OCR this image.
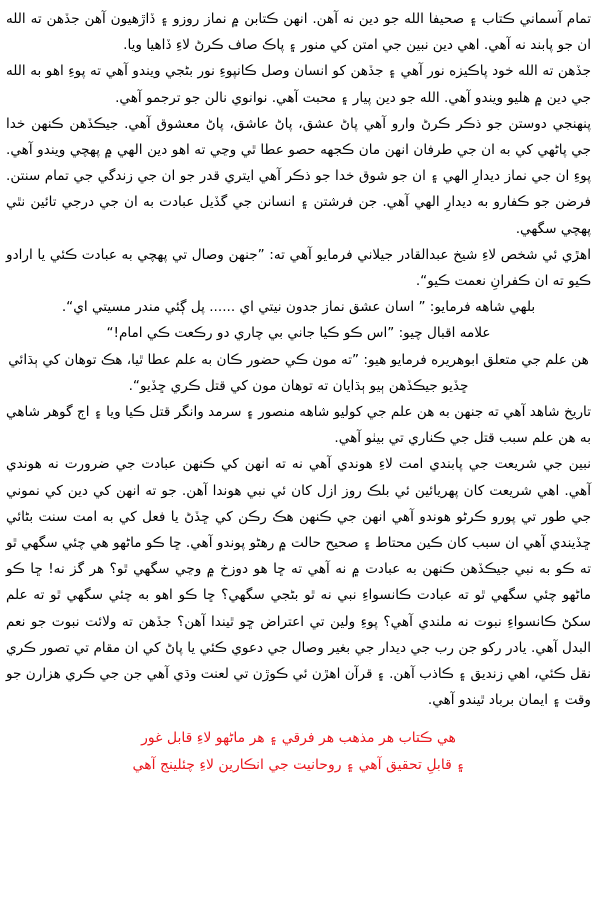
تمام آسماني ڪتاب ۽ صحيفا الله جو دين نه آهن. انهن ڪتابن ۾ نماز روزو ۽ ڏاڙهيون آهن جڏهن ته الله ان جو پابند نه آهي. اهي دين نبين جي امتن کي منور ۽ پاڪ صاف ڪرڻ لاءِ ڏاهيا ويا.

جڏهن ته الله خود پاڪيزه نور آهي ۽ جڏهن کو انسان وصل ڪانپوءِ نور بڻجي ويندو آهي ته پوءِ اهو به الله جي دين ۾ هليو ويندو آهي. الله جو دين پيار ۽ محبت آهي. نوانوي نالن جو ترجمو آهي.

پنهنجي دوستن جو ذڪر ڪرڻ وارو آهي پاڻ عشق، پاڻ عاشق، پاڻ معشوق آهي. جيڪڏهن ڪنهن خدا جي پاڻهي کي به ان جي طرفان انهن مان ڪجهه حصو عطا ٿي وڃي ته اهو دين الهي ۾ پهچي ويندو آهي. پوءِ ان جي نماز ديدارِ الهي ۽ ان جو شوق خدا جو ذڪر آهي ايتري قدر جو ان جي زندگي جي تمام سنتن. فرضن جو ڪفارو به ديدارِ الهي آهي. جن فرشتن ۽ انسانن جي گڏيل عبادت به ان جي درجي تائين نٿي پهچي سگهي.

اهڙي ئي شخص لاءِ شيخ عبدالقادر جيلاني فرمايو آهي ته: ”جنهن وصال تي پهچي به عبادت ڪئي يا ارادو ڪيو ته ان ڪفرانِ نعمت ڪيو“.

بلهي شاهه فرمايو: ” اسان عشق نماز جدون نيتي اي ...... پل ڳئي مندر مسيتي اي“.

علامه اقبال چيو: ”اس ڪو ڪيا جاني بي چاري دو رڪعت ڪي امام!“

هن علم جي متعلق ابوهريره فرمايو هيو: ”ته مون ڪي حضور ڪان به علم عطا ٿيا، هڪ توهان کي ٻڌائي ڇڏيو جيڪڏهن ٻيو ٻڌايان ته توهان مون کي قتل ڪري ڇڏيو“.

تاريخ شاهد آهي ته جنهن به هن علم جي کوليو شاهه منصور ۽ سرمد وانگر قتل ڪيا ويا ۽ اڄ گوهر شاهي به هن علم سبب قتل جي ڪناري تي بيٺو آهي.

نبين جي شريعت جي پابندي امت لاءِ هوندي آهي نه ته انهن کي ڪنهن عبادت جي ضرورت نه هوندي آهي. اهي شريعت کان پهريائين ئي بلڪ روز ازل کان ئي نبي هوندا آهن. جو ته انهن کي دين کي نموني جي طور تي پورو ڪرڻو هوندو آهي انهن جي ڪنهن هڪ رڪن کي ڇڏڻ يا فعل کي به امت سنت بڻائي ڇڏيندي آهي ان سبب کان ڪين محتاط ۽ صحيح حالت ۾ رهڻو پوندو آهي. ڇا ڪو ماڻهو هي چئي سگهي ٿو ته ڪو به نبي جيڪڏهن ڪنهن به عبادت ۾ نه آهي ته ڇا هو دوزخ ۾ وڃي سگهي ٿو؟ هر گز نه! ڇا ڪو ماڻهو چئي سگهي ٿو ته عبادت ڪانسواءِ نبي نه ٿو بڻجي سگهي؟ ڇا ڪو اهو به چئي سگهي ٿو ته علم سکڻ ڪانسواءِ نبوت نه ملندي آهي؟ پوءِ ولين تي اعتراض ڇو ٿيندا آهن؟ جڏهن ته ولائت نبوت جو نعم البدل آهي. يادر رکو جن رب جي ديدار جي بغير وصال جي دعوي ڪئي يا پاڻ کي ان مقام تي تصور ڪري نقل ڪئي، اهي زنديق ۽ ڪاذب آهن. ۽ قرآن اهڙن ئي ڪوڙن تي لعنت وڌي آهي جن جي ڪري هزارن جو وقت ۽ ايمان برباد ٿيندو آهي.

هي ڪتاب هر مذهب هر فرقي ۽ هر ماڻهو لاءِ قابل غور
۽ قابلِ تحقيق آهي ۽ روحانيت جي انڪارين لاءِ چئلينج آهي
